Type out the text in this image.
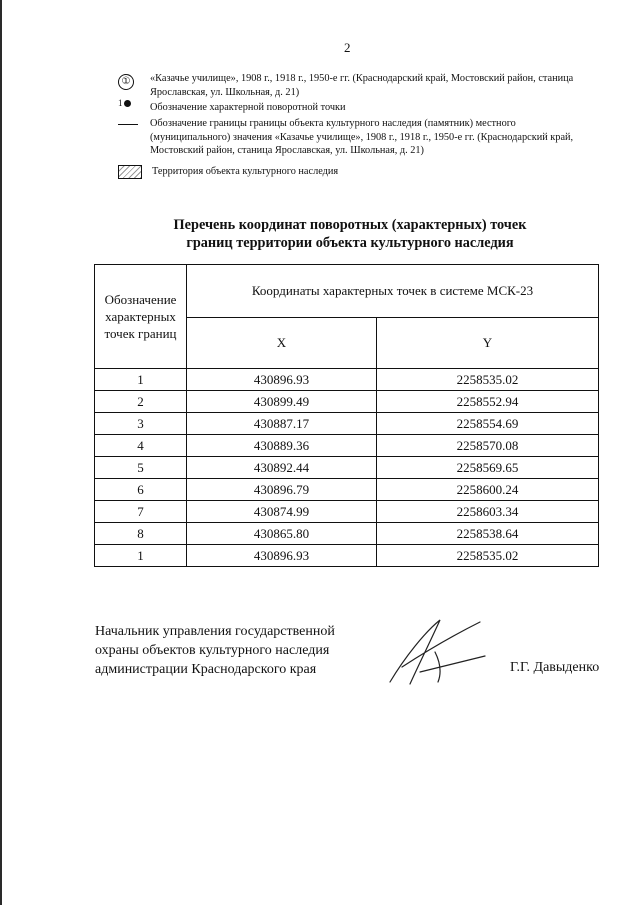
2
①	«Казачье училище», 1908 г., 1918 г., 1950-е гг. (Краснодарский край, Мостовский район, станица Ярославская, ул. Школьная, д. 21)
1	Обозначение характерной поворотной точки
Обозначение границы границы объекта культурного наследия (памятник) местного (муниципального) значения «Казачье училище», 1908 г., 1918 г., 1950-е гг. (Краснодарский край, Мостовский район, станица Ярославская, ул. Школьная, д. 21)
Территория объекта культурного наследия
Перечень координат поворотных (характерных) точек
границ территории объекта культурного наследия
Обозначение характерных точек границ	Координаты характерных точек в системе МСК-23	
	X	Y
1	430896.93	2258535.02
2	430899.49	2258552.94
3	430887.17	2258554.69
4	430889.36	2258570.08
5	430892.44	2258569.65
6	430896.79	2258600.24
7	430874.99	2258603.34
8	430865.80	2258538.64
1	430896.93	2258535.02
Начальник управления государственной
охраны объектов культурного наследия
администрации Краснодарского края	Г.Г. Давыденко
